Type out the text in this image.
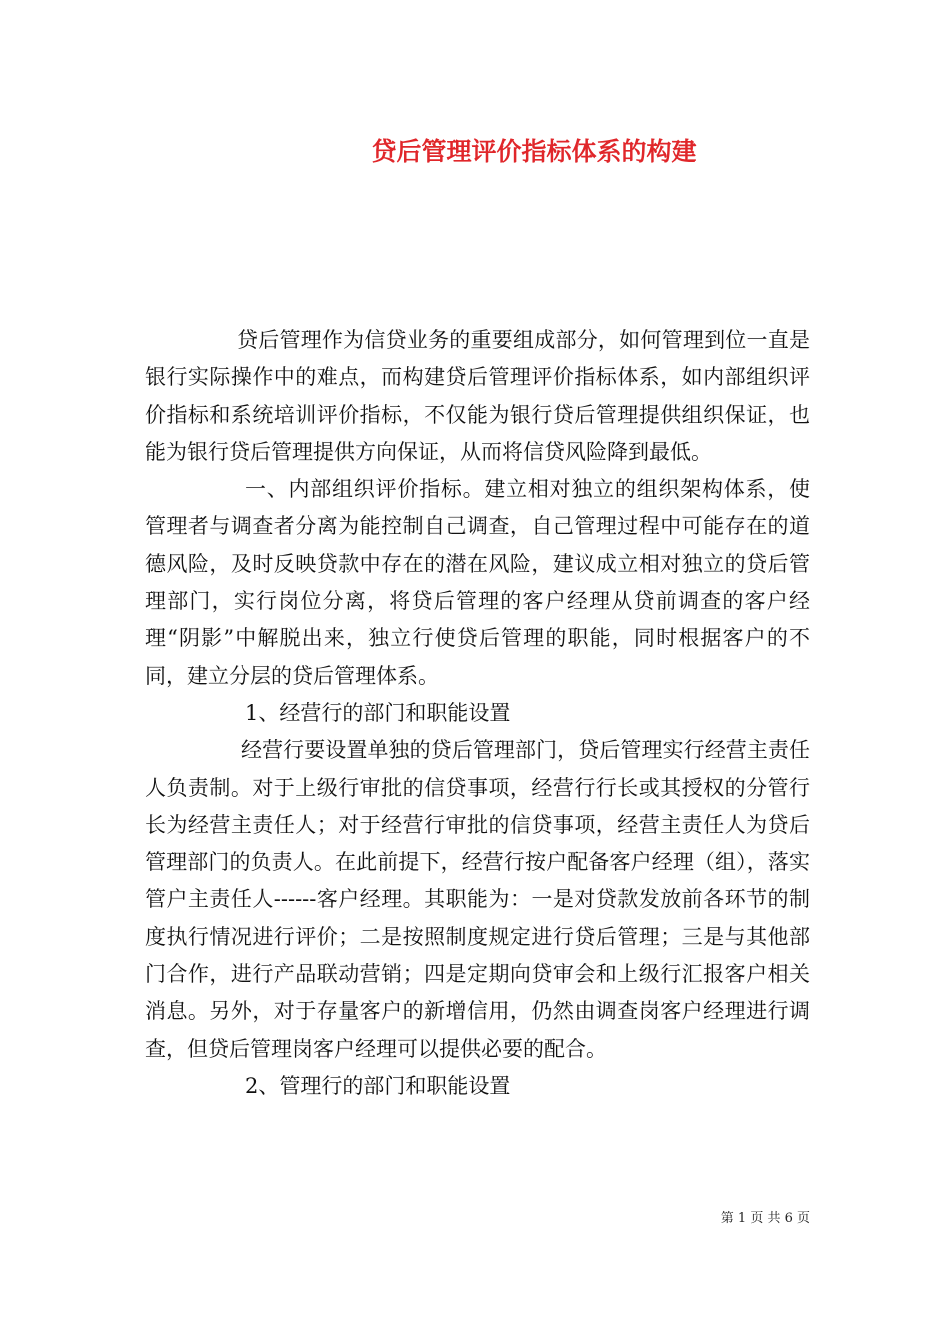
贷后管理评价指标体系的构建

贷后管理作为信贷业务的重要组成部分，如何管理到位一直是银行实际操作中的难点，而构建贷后管理评价指标体系，如内部组织评价指标和系统培训评价指标，不仅能为银行贷后管理提供组织保证，也能为银行贷后管理提供方向保证，从而将信贷风险降到最低。

一、内部组织评价指标。建立相对独立的组织架构体系，使管理者与调查者分离为能控制自己调查，自己管理过程中可能存在的道德风险，及时反映贷款中存在的潜在风险，建议成立相对独立的贷后管理部门，实行岗位分离，将贷后管理的客户经理从贷前调查的客户经理“阴影”中解脱出来，独立行使贷后管理的职能，同时根据客户的不同，建立分层的贷后管理体系。

1、经营行的部门和职能设置

经营行要设置单独的贷后管理部门，贷后管理实行经营主责任人负责制。对于上级行审批的信贷事项，经营行行长或其授权的分管行长为经营主责任人；对于经营行审批的信贷事项，经营主责任人为贷后管理部门的负责人。在此前提下，经营行按户配备客户经理（组），落实管户主责任人------客户经理。其职能为：一是对贷款发放前各环节的制度执行情况进行评价；二是按照制度规定进行贷后管理；三是与其他部门合作，进行产品联动营销；四是定期向贷审会和上级行汇报客户相关消息。另外，对于存量客户的新增信用，仍然由调查岗客户经理进行调查，但贷后管理岗客户经理可以提供必要的配合。

2、管理行的部门和职能设置

第 1 页 共 6 页
